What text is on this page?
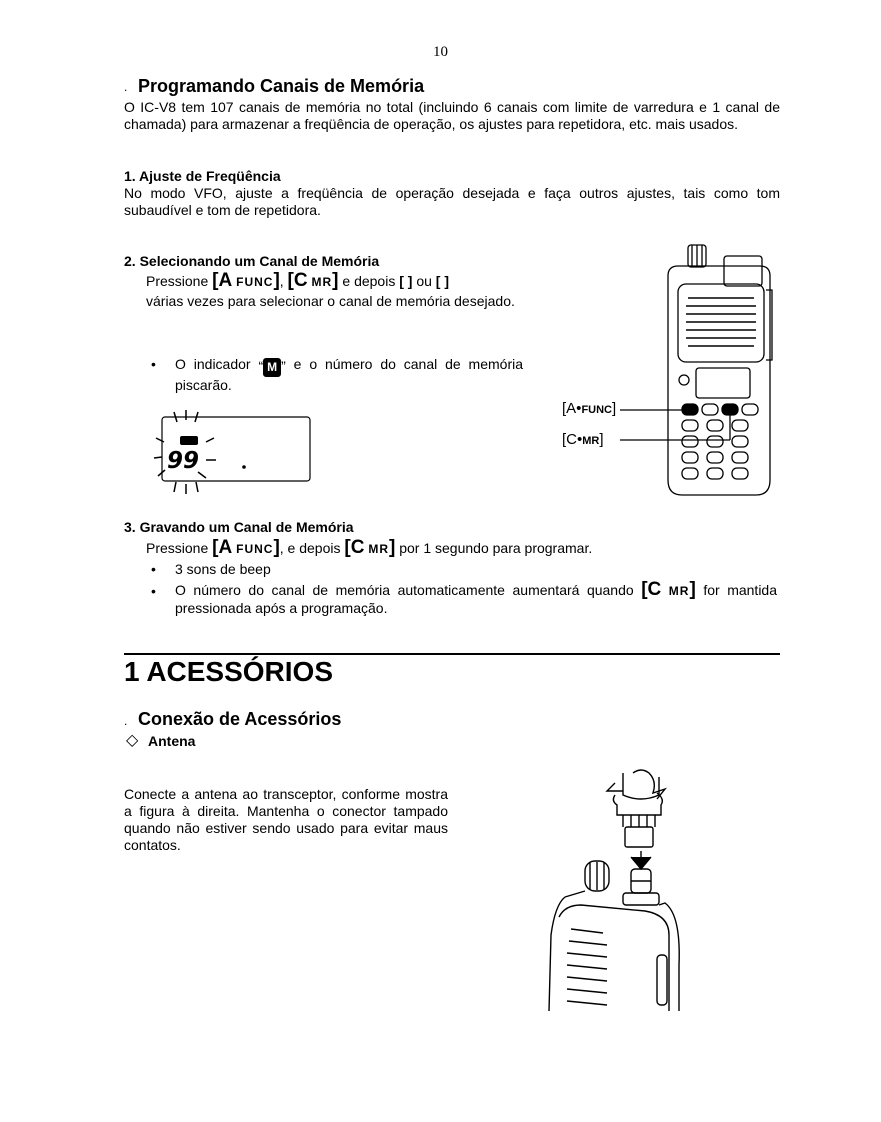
10
. Programando Canais de Memória
O IC-V8 tem 107 canais de memória no total (incluindo 6 canais com limite de varredura e 1 canal de chamada) para armazenar a freqüência de operação, os ajustes para repetidora, etc. mais usados.
1. Ajuste de Freqüência
No modo VFO, ajuste a freqüência de operação desejada e faça outros ajustes, tais como tom subaudível e tom de repetidora.
2. Selecionando um Canal de Memória
Pressione [A FUNC], [C MR] e depois [ ] ou [ ]
várias vezes para selecionar o canal de memória desejado.
• O indicador “ M ” e o número do canal de memória piscarão.
99
[A•FUNC]
[C•MR]
3. Gravando um Canal de Memória
Pressione [A FUNC], e depois [C MR] por 1 segundo para programar.
• 3 sons de beep
• O número do canal de memória automaticamente aumentará quando [C MR] for mantida pressionada após a programação.
1 ACESSÓRIOS
. Conexão de Acessórios
◇ Antena
Conecte a antena ao transceptor, conforme mostra a figura à direita. Mantenha o conector tampado quando não estiver sendo usado para evitar maus contatos.
